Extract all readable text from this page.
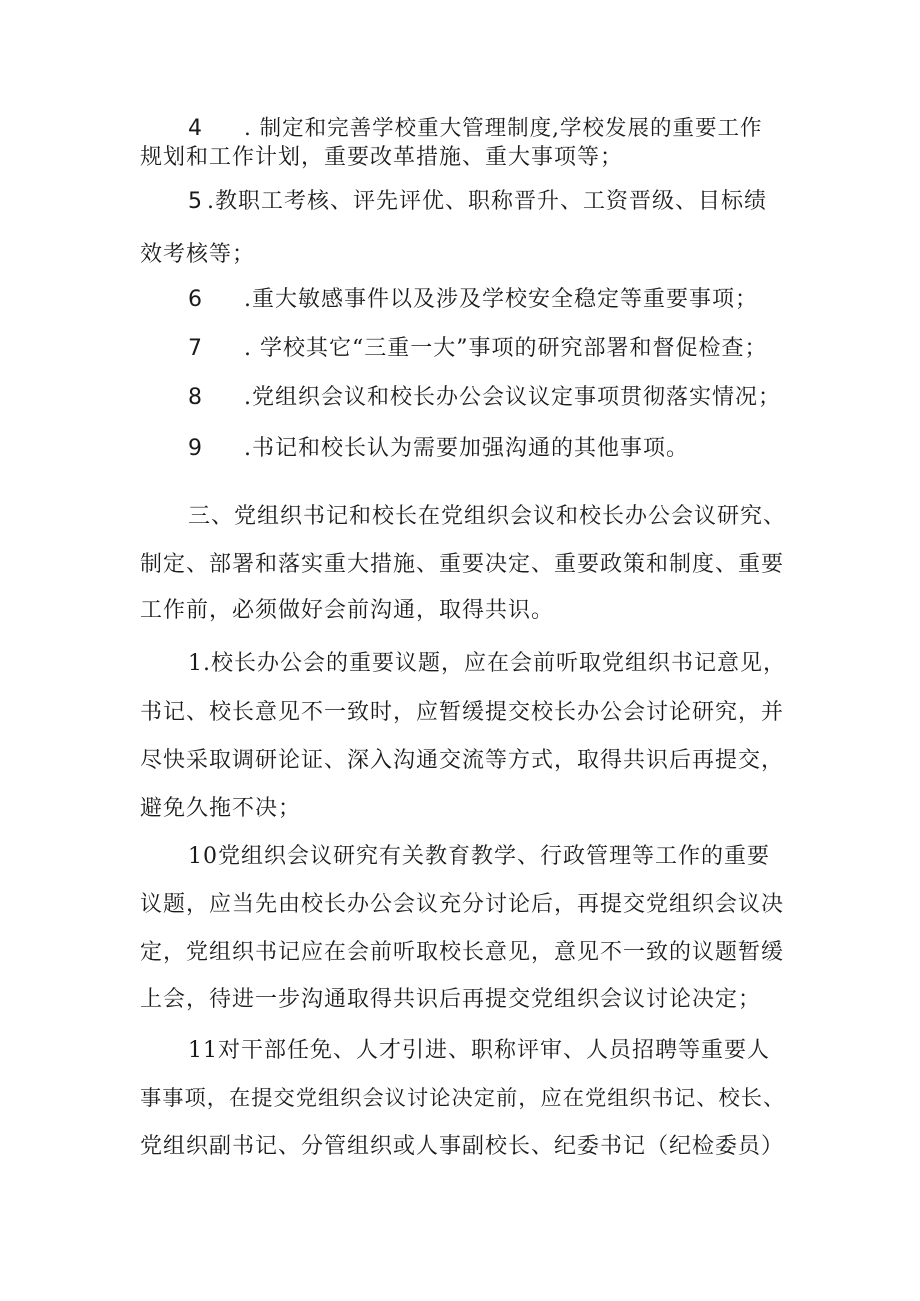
4 . 制定和完善学校重大管理制度,学校发展的重要工作
规划和工作计划，重要改革措施、重大事项等；
5 .教职工考核、评先评优、职称晋升、工资晋级、目标绩
效考核等；
6 .重大敏感事件以及涉及学校安全稳定等重要事项；
7 . 学校其它“三重一大”事项的研究部署和督促检查；
8 .党组织会议和校长办公会议议定事项贯彻落实情况；
9 .书记和校长认为需要加强沟通的其他事项。
三、党组织书记和校长在党组织会议和校长办公会议研究、
制定、部署和落实重大措施、重要决定、重要政策和制度、重要
工作前，必须做好会前沟通，取得共识。
1.校长办公会的重要议题，应在会前听取党组织书记意见，
书记、校长意见不一致时，应暂缓提交校长办公会讨论研究，并
尽快采取调研论证、深入沟通交流等方式，取得共识后再提交，
避免久拖不决；
10党组织会议研究有关教育教学、行政管理等工作的重要
议题，应当先由校长办公会议充分讨论后，再提交党组织会议决
定，党组织书记应在会前听取校长意见，意见不一致的议题暂缓
上会，待进一步沟通取得共识后再提交党组织会议讨论决定；
11对干部任免、人才引进、职称评审、人员招聘等重要人
事事项，在提交党组织会议讨论决定前，应在党组织书记、校长、
党组织副书记、分管组织或人事副校长、纪委书记（纪检委员）
